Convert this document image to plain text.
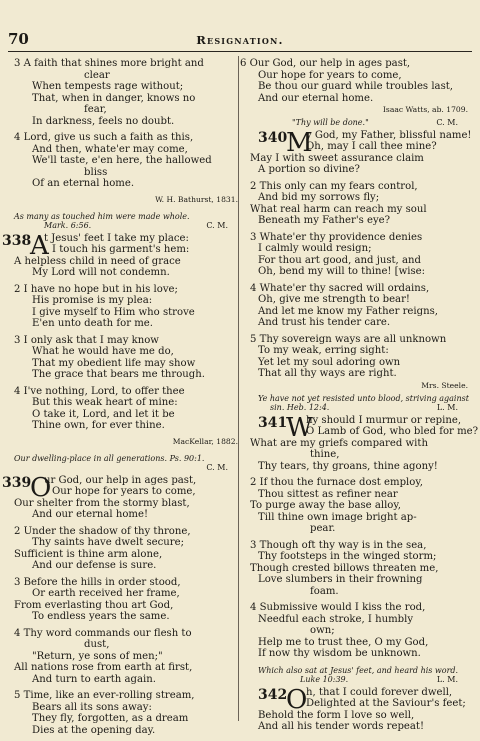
70	Resignation.
3 A faith that shines more bright and
clear
When tempests rage without;
That, when in danger, knows no
fear,
In darkness, feels no doubt.
4 Lord, give us such a faith as this,
And then, whate'er may come,
We'll taste, e'en here, the hallowed
bliss
Of an eternal home.
W. H. Bathurst, 1831.
As many as touched him were made whole.
Mark. 6:56.	C. M.
338
A
t Jesus' feet I take my place:
I touch his garment's hem:
A helpless child in need of grace
My Lord will not condemn.
2 I have no hope but in his love;
His promise is my plea:
I give myself to Him who strove
E'en unto death for me.
3 I only ask that I may know
What he would have me do,
That my obedient life may show
The grace that bears me through.
4 I've nothing, Lord, to offer thee
But this weak heart of mine:
O take it, Lord, and let it be
Thine own, for ever thine.
MacKellar, 1882.
Our dwelling-place in all generations. Ps. 90:1.
C. M.
339
O
ur God, our help in ages past,
Our hope for years to come,
Our shelter from the stormy blast,
And our eternal home!
2 Under the shadow of thy throne,
Thy saints have dwelt secure;
Sufficient is thine arm alone,
And our defense is sure.
3 Before the hills in order stood,
Or earth received her frame,
From everlasting thou art God,
To endless years the same.
4 Thy word commands our flesh to
dust,
"Return, ye sons of men;"
All nations rose from earth at first,
And turn to earth again.
5 Time, like an ever-rolling stream,
Bears all its sons away:
They fly, forgotten, as a dream
Dies at the opening day.
6 Our God, our help in ages past,
Our hope for years to come,
Be thou our guard while troubles last,
And our eternal home.
Isaac Watts, ab. 1709.
"Thy will be done."	C. M.
340
M
y God, my Father, blissful name!
Oh, may I call thee mine?
May I with sweet assurance claim
A portion so divine?
2 This only can my fears control,
And bid my sorrows fly;
What real harm can reach my soul
Beneath my Father's eye?
3 Whate'er thy providence denies
I calmly would resign;
For thou art good, and just, and
Oh, bend my will to thine! [wise:
4 Whate'er thy sacred will ordains,
Oh, give me strength to bear!
And let me know my Father reigns,
And trust his tender care.
5 Thy sovereign ways are all unknown
To my weak, erring sight:
Yet let my soul adoring own
That all thy ways are right.
Mrs. Steele.
Ye have not yet resisted unto blood, striving against
sin. Heb. 12:4.	L. M.
341
W
hy should I murmur or repine,
O Lamb of God, who bled for me?
What are my griefs compared with
thine,
Thy tears, thy groans, thine agony!
2 If thou the furnace dost employ,
Thou sittest as refiner near
To purge away the base alloy,
Till thine own image bright ap-
pear.
3 Though oft thy way is in the sea,
Thy footsteps in the winged storm;
Though crested billows threaten me,
Love slumbers in their frowning
foam.
4 Submissive would I kiss the rod,
Needful each stroke, I humbly
own;
Help me to trust thee, O my God,
If now thy wisdom be unknown.
Which also sat at Jesus' feet, and heard his word.
Luke 10:39.	L. M.
342
O
h, that I could forever dwell,
Delighted at the Saviour's feet;
Behold the form I love so well,
And all his tender words repeat!
